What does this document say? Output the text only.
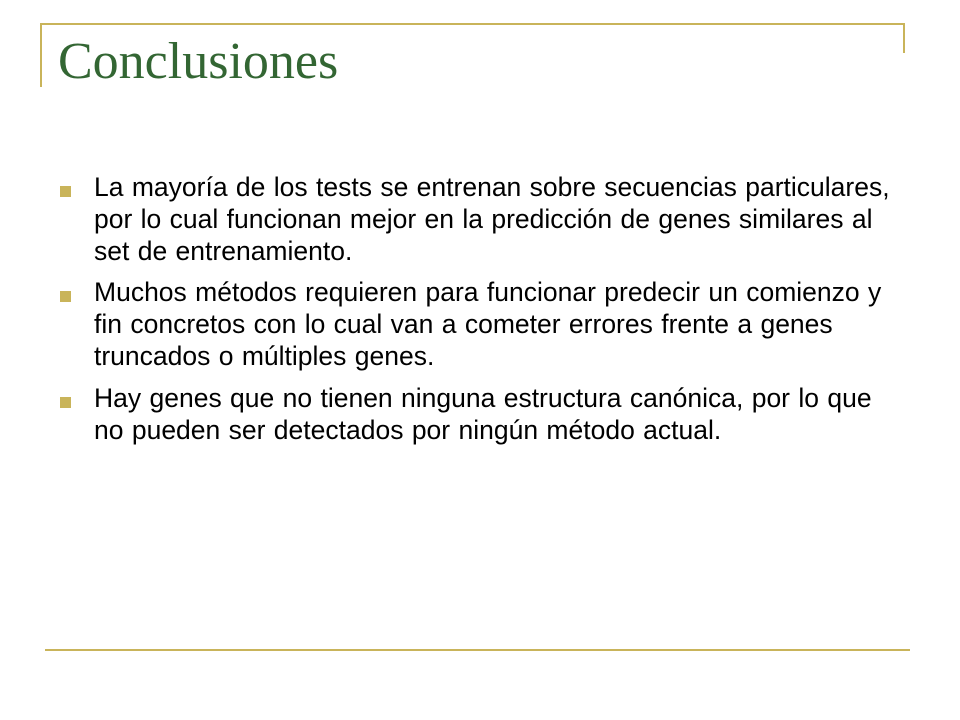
Conclusiones
La mayoría de los tests se entrenan sobre secuencias particulares, por lo cual funcionan mejor en la predicción de genes similares al set de entrenamiento.
Muchos métodos requieren para funcionar predecir un comienzo y fin concretos con lo cual van a cometer errores frente a genes truncados o múltiples genes.
Hay genes que no tienen ninguna estructura canónica, por lo que no pueden ser detectados por ningún método actual.
